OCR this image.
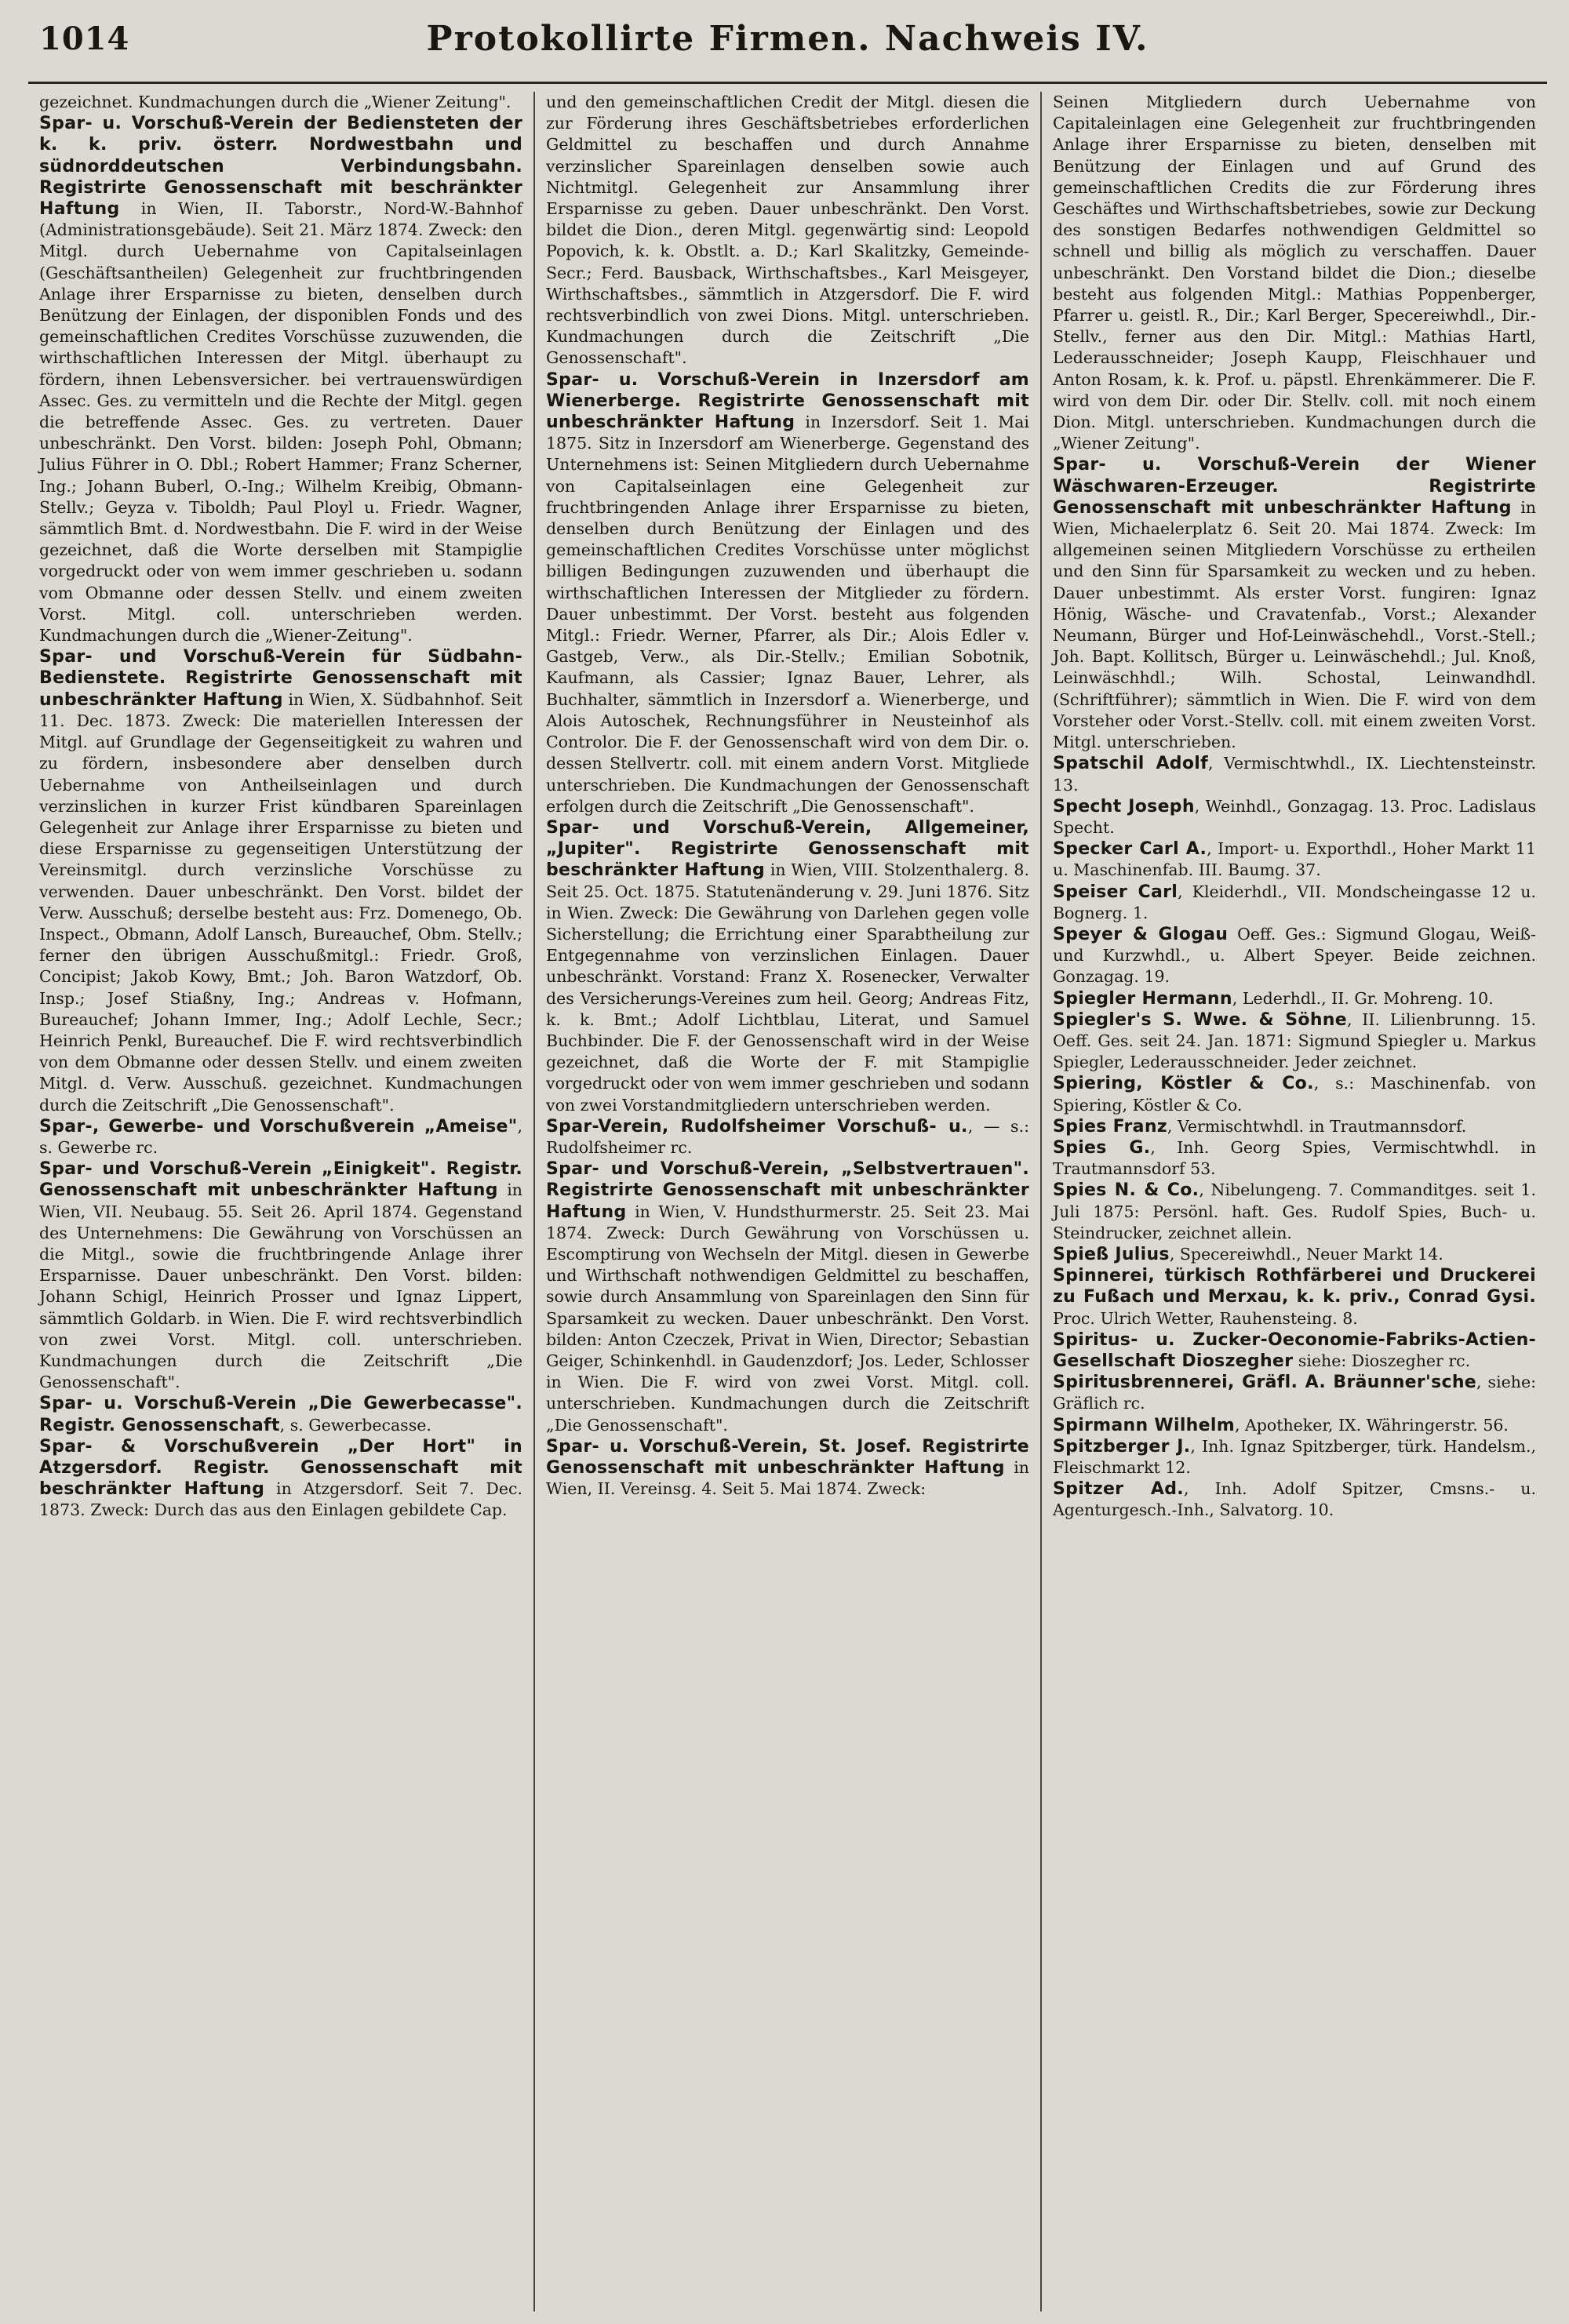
1014	Protokollirte Firmen. Nachweis IV.

gezeichnet. Kundmachungen durch die „Wiener Zeitung".

Spar- u. Vorschuß-Verein der Bediensteten der k. k. priv. österr. Nordwestbahn und südnorddeutschen Verbindungsbahn. Registrirte Genossenschaft mit beschränkter Haftung in Wien, II. Taborstr., Nord-W.-Bahnhof (Administrationsgebäude). Seit 21. März 1874. Zweck: den Mitgl. durch Uebernahme von Capitalseinlagen (Geschäftsantheilen) Gelegenheit zur fruchtbringenden Anlage ihrer Ersparnisse zu bieten, denselben durch Benützung der Einlagen, der disponiblen Fonds und des gemeinschaftlichen Credites Vorschüsse zuzuwenden, die wirthschaftlichen Interessen der Mitgl. überhaupt zu fördern, ihnen Lebensversicher. bei vertrauenswürdigen Assec. Ges. zu vermitteln und die Rechte der Mitgl. gegen die betreffende Assec. Ges. zu vertreten. Dauer unbeschränkt. Den Vorst. bilden: Joseph Pohl, Obmann; Julius Führer in O. Dbl.; Robert Hammer; Franz Scherner, Ing.; Johann Buberl, O.-Ing.; Wilhelm Kreibig, Obmann-Stellv.; Geyza v. Tiboldh; Paul Ployl u. Friedr. Wagner, sämmtlich Bmt. d. Nordwestbahn. Die F. wird in der Weise gezeichnet, daß die Worte derselben mit Stampiglie vorgedruckt oder von wem immer geschrieben u. sodann vom Obmanne oder dessen Stellv. und einem zweiten Vorst. Mitgl. coll. unterschrieben werden. Kundmachungen durch die „Wiener-Zeitung".

Spar- und Vorschuß-Verein für Südbahn-Bedienstete. Registrirte Genossenschaft mit unbeschränkter Haftung in Wien, X. Südbahnhof. Seit 11. Dec. 1873. Zweck: Die materiellen Interessen der Mitgl. auf Grundlage der Gegenseitigkeit zu wahren und zu fördern, insbesondere aber denselben durch Uebernahme von Antheilseinlagen und durch verzinslichen in kurzer Frist kündbaren Spareinlagen Gelegenheit zur Anlage ihrer Ersparnisse zu bieten und diese Ersparnisse zu gegenseitigen Unterstützung der Vereinsmitgl. durch verzinsliche Vorschüsse zu verwenden. Dauer unbeschränkt. Den Vorst. bildet der Verw. Ausschuß; derselbe besteht aus: Frz. Domenego, Ob. Inspect., Obmann, Adolf Lansch, Bureauchef, Obm. Stellv.; ferner den übrigen Ausschußmitgl.: Friedr. Groß, Concipist; Jakob Kowy, Bmt.; Joh. Baron Watzdorf, Ob. Insp.; Josef Stiaßny, Ing.; Andreas v. Hofmann, Bureauchef; Johann Immer, Ing.; Adolf Lechle, Secr.; Heinrich Penkl, Bureauchef. Die F. wird rechtsverbindlich von dem Obmanne oder dessen Stellv. und einem zweiten Mitgl. d. Verw. Ausschuß. gezeichnet. Kundmachungen durch die Zeitschrift „Die Genossenschaft".

Spar-, Gewerbe- und Vorschußverein „Ameise", s. Gewerbe rc.

Spar- und Vorschuß-Verein „Einigkeit". Registr. Genossenschaft mit unbeschränkter Haftung in Wien, VII. Neubaug. 55. Seit 26. April 1874. Gegenstand des Unternehmens: Die Gewährung von Vorschüssen an die Mitgl., sowie die fruchtbringende Anlage ihrer Ersparnisse. Dauer unbeschränkt. Den Vorst. bilden: Johann Schigl, Heinrich Prosser und Ignaz Lippert, sämmtlich Goldarb. in Wien. Die F. wird rechtsverbindlich von zwei Vorst. Mitgl. coll. unterschrieben. Kundmachungen durch die Zeitschrift „Die Genossenschaft".

Spar- u. Vorschuß-Verein „Die Gewerbecasse". Registr. Genossenschaft, s. Gewerbecasse.

Spar- & Vorschußverein „Der Hort" in Atzgersdorf. Registr. Genossenschaft mit beschränkter Haftung in Atzgersdorf. Seit 7. Dec. 1873. Zweck: Durch das aus den Einlagen gebildete Cap.

und den gemeinschaftlichen Credit der Mitgl. diesen die zur Förderung ihres Geschäftsbetriebes erforderlichen Geldmittel zu beschaffen und durch Annahme verzinslicher Spareinlagen denselben sowie auch Nichtmitgl. Gelegenheit zur Ansammlung ihrer Ersparnisse zu geben. Dauer unbeschränkt. Den Vorst. bildet die Dion., deren Mitgl. gegenwärtig sind: Leopold Popovich, k. k. Obstlt. a. D.; Karl Skalitzky, Gemeinde-Secr.; Ferd. Bausback, Wirthschaftsbes., Karl Meisgeyer, Wirthschaftsbes., sämmtlich in Atzgersdorf. Die F. wird rechtsverbindlich von zwei Dions. Mitgl. unterschrieben. Kundmachungen durch die Zeitschrift „Die Genossenschaft".

Spar- u. Vorschuß-Verein in Inzersdorf am Wienerberge. Registrirte Genossenschaft mit unbeschränkter Haftung in Inzersdorf. Seit 1. Mai 1875. Sitz in Inzersdorf am Wienerberge. Gegenstand des Unternehmens ist: Seinen Mitgliedern durch Uebernahme von Capitalseinlagen eine Gelegenheit zur fruchtbringenden Anlage ihrer Ersparnisse zu bieten, denselben durch Benützung der Einlagen und des gemeinschaftlichen Credites Vorschüsse unter möglichst billigen Bedingungen zuzuwenden und überhaupt die wirthschaftlichen Interessen der Mitglieder zu fördern. Dauer unbestimmt. Der Vorst. besteht aus folgenden Mitgl.: Friedr. Werner, Pfarrer, als Dir.; Alois Edler v. Gastgeb, Verw., als Dir.-Stellv.; Emilian Sobotnik, Kaufmann, als Cassier; Ignaz Bauer, Lehrer, als Buchhalter, sämmtlich in Inzersdorf a. Wienerberge, und Alois Autoschek, Rechnungsführer in Neusteinhof als Controlor. Die F. der Genossenschaft wird von dem Dir. o. dessen Stellvertr. coll. mit einem andern Vorst. Mitgliede unterschrieben. Die Kundmachungen der Genossenschaft erfolgen durch die Zeitschrift „Die Genossenschaft".

Spar- und Vorschuß-Verein, Allgemeiner, „Jupiter". Registrirte Genossenschaft mit beschränkter Haftung in Wien, VIII. Stolzenthalerg. 8. Seit 25. Oct. 1875. Statutenänderung v. 29. Juni 1876. Sitz in Wien. Zweck: Die Gewährung von Darlehen gegen volle Sicherstellung; die Errichtung einer Sparabtheilung zur Entgegennahme von verzinslichen Einlagen. Dauer unbeschränkt. Vorstand: Franz X. Rosenecker, Verwalter des Versicherungs-Vereines zum heil. Georg; Andreas Fitz, k. k. Bmt.; Adolf Lichtblau, Literat, und Samuel Buchbinder. Die F. der Genossenschaft wird in der Weise gezeichnet, daß die Worte der F. mit Stampiglie vorgedruckt oder von wem immer geschrieben und sodann von zwei Vorstandmitgliedern unterschrieben werden.

Spar-Verein, Rudolfsheimer Vorschuß- u., — s.: Rudolfsheimer rc.

Spar- und Vorschuß-Verein, „Selbstvertrauen". Registrirte Genossenschaft mit unbeschränkter Haftung in Wien, V. Hundsthurmerstr. 25. Seit 23. Mai 1874. Zweck: Durch Gewährung von Vorschüssen u. Escomptirung von Wechseln der Mitgl. diesen in Gewerbe und Wirthschaft nothwendigen Geldmittel zu beschaffen, sowie durch Ansammlung von Spareinlagen den Sinn für Sparsamkeit zu wecken. Dauer unbeschränkt. Den Vorst. bilden: Anton Czeczek, Privat in Wien, Director; Sebastian Geiger, Schinkenhdl. in Gaudenzdorf; Jos. Leder, Schlosser in Wien. Die F. wird von zwei Vorst. Mitgl. coll. unterschrieben. Kundmachungen durch die Zeitschrift „Die Genossenschaft".

Spar- u. Vorschuß-Verein, St. Josef. Registrirte Genossenschaft mit unbeschränkter Haftung in Wien, II. Vereinsg. 4. Seit 5. Mai 1874. Zweck:

Seinen Mitgliedern durch Uebernahme von Capitaleinlagen eine Gelegenheit zur fruchtbringenden Anlage ihrer Ersparnisse zu bieten, denselben mit Benützung der Einlagen und auf Grund des gemeinschaftlichen Credits die zur Förderung ihres Geschäftes und Wirthschaftsbetriebes, sowie zur Deckung des sonstigen Bedarfes nothwendigen Geldmittel so schnell und billig als möglich zu verschaffen. Dauer unbeschränkt. Den Vorstand bildet die Dion.; dieselbe besteht aus folgenden Mitgl.: Mathias Poppenberger, Pfarrer u. geistl. R., Dir.; Karl Berger, Specereiwhdl., Dir.-Stellv., ferner aus den Dir. Mitgl.: Mathias Hartl, Lederausschneider; Joseph Kaupp, Fleischhauer und Anton Rosam, k. k. Prof. u. päpstl. Ehrenkämmerer. Die F. wird von dem Dir. oder Dir. Stellv. coll. mit noch einem Dion. Mitgl. unterschrieben. Kundmachungen durch die „Wiener Zeitung".

Spar- u. Vorschuß-Verein der Wiener Wäschwaren-Erzeuger. Registrirte Genossenschaft mit unbeschränkter Haftung in Wien, Michaelerplatz 6. Seit 20. Mai 1874. Zweck: Im allgemeinen seinen Mitgliedern Vorschüsse zu ertheilen und den Sinn für Sparsamkeit zu wecken und zu heben. Dauer unbestimmt. Als erster Vorst. fungiren: Ignaz Hönig, Wäsche- und Cravatenfab., Vorst.; Alexander Neumann, Bürger und Hof-Leinwäschehdl., Vorst.-Stell.; Joh. Bapt. Kollitsch, Bürger u. Leinwäschehdl.; Jul. Knoß, Leinwäschhdl.; Wilh. Schostal, Leinwandhdl. (Schriftführer); sämmtlich in Wien. Die F. wird von dem Vorsteher oder Vorst.-Stellv. coll. mit einem zweiten Vorst. Mitgl. unterschrieben.

Spatschil Adolf, Vermischtwhdl., IX. Liechtensteinstr. 13.

Specht Joseph, Weinhdl., Gonzagag. 13. Proc. Ladislaus Specht.

Specker Carl A., Import- u. Exporthdl., Hoher Markt 11 u. Maschinenfab. III. Baumg. 37.

Speiser Carl, Kleiderhdl., VII. Mondscheingasse 12 u. Bognerg. 1.

Speyer & Glogau Oeff. Ges.: Sigmund Glogau, Weiß- und Kurzwhdl., u. Albert Speyer. Beide zeichnen. Gonzagag. 19.

Spiegler Hermann, Lederhdl., II. Gr. Mohreng. 10.

Spiegler's S. Wwe. & Söhne, II. Lilienbrunng. 15. Oeff. Ges. seit 24. Jan. 1871: Sigmund Spiegler u. Markus Spiegler, Lederausschneider. Jeder zeichnet.

Spiering, Köstler & Co., s.: Maschinenfab. von Spiering, Köstler & Co.

Spies Franz, Vermischtwhdl. in Trautmannsdorf.

Spies G., Inh. Georg Spies, Vermischtwhdl. in Trautmannsdorf 53.

Spies N. & Co., Nibelungeng. 7. Commanditges. seit 1. Juli 1875: Persönl. haft. Ges. Rudolf Spies, Buch- u. Steindrucker, zeichnet allein.

Spieß Julius, Specereiwhdl., Neuer Markt 14.

Spinnerei, türkisch Rothfärberei und Druckerei zu Fußach und Merxau, k. k. priv., Conrad Gysi. Proc. Ulrich Wetter, Rauhensteing. 8.

Spiritus- u. Zucker-Oeconomie-Fabriks-Actien-Gesellschaft Dioszegher siehe: Dioszegher rc.

Spiritusbrennerei, Gräfl. A. Bräunner'sche, siehe: Gräflich rc.

Spirmann Wilhelm, Apotheker, IX. Währingerstr. 56.

Spitzberger J., Inh. Ignaz Spitzberger, türk. Handelsm., Fleischmarkt 12.

Spitzer Ad., Inh. Adolf Spitzer, Cmsns.- u. Agenturgesch.-Inh., Salvatorg. 10.
